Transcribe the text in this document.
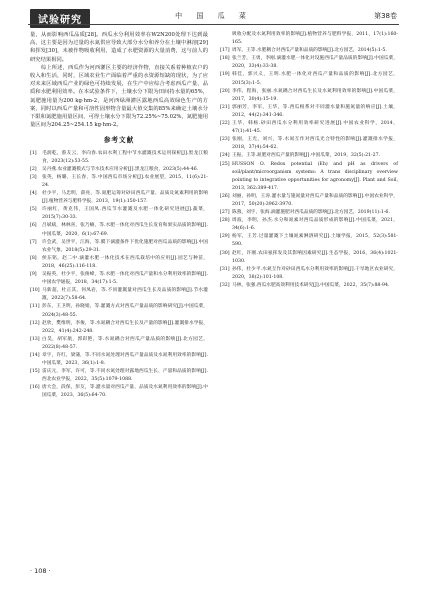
试验研究	中 国 瓜 菜	第38卷

量，从而影响西瓜品质[28]。西瓜水分利用效率在W2N200处理下达到最高，这主要是因为过量的水氮供应导致大部分水分和养分在土壤中淋溶[29]和挥发[30]，未被作物吸收利用，造成了水肥资源的大量消费，这与前人的研究结果相同。

综上所述，西瓜作为河西灌区主要的经济作物，直接关系着种植农户的收入和生活，同时，区域农业生产面临着严重的水资源短缺的现状，为了应对未来区域西瓜产业的绿色可持续发展，在生产中应综合考虑西瓜产量、品质和水肥利用效率。在本试验条件下，土壤水分下限为田间持水量的65%，氮肥施用量为200 kg·hm-2，是河西绿洲灌区露地西瓜高效绿色生产的方案，同时以西瓜产量和可溶性固形物含量最大值交集的85%来确定土壤水分下限和氮肥施用量区间，可得土壤水分下限为72.25%~75.02%，氮肥施用量区间为204.25~254.15 kg·hm-2。

参考文献
[1]	毛润乾，蔡友云，李向春.农田水利工程中节水灌溉技术运用探析[J].黑龙江粮食，2023(12):53-55.
[2]	吴丹燕.农业灌溉模式与节水技术应用分析[J].黑龙江粮食，2023(5):44-46.
[3]	张英，杨璐，王长春，等.中国西瓜市场分析[J].农业展望，2015，11(6):21-24.
[4]	杜少平，马忠明，薛亮，等.氮肥运筹对砂田西瓜产量、品质及氮素利用的影响[J].植物营养与肥料学报，2013，19(1):150-157.
[5]	许丽红，黄克伟，王国凤.西瓜节水灌溉及水肥一体化研究进展[J].蔬菜，2015(7):30-33.
[6]	吕斌斌，林林喜，张乃楠，等.水肥一体化对西瓜生长发育和果实品质的影响[J].中国瓜菜，2020，6(1):67-69.
[7]	许会武，吴世平，江海，等.膜下滴灌条件下优化施肥对西瓜品质的影响[J].中国农业气象，2018(5):29-31.
[8]	侯东铭，赵二中.滴灌水肥一体化技术在西瓜栽培中的应用[J].园艺与种苗，2018，46(25):116-118.
[9]	吴振英，杜少平，张俊峰，等.水肥一体化对西瓜产量和水分利用效率的影响[J].中国农学通报，2018，34(17):1-5.
[10] 马新超，杜正其，何凤岩，等.不同灌溉量对西瓜生长及品质的影响[J].节水灌溉，2022(7):58-64.
[11] 彭东，王卫明，孙晓娟，等.灌溉方式对西瓜产量品质的影响研究[J].中国瓜菜，2024(3):48-55.
[12] 赵欣，樊维明，李俊，等.水氮耦合对西瓜生长及产量的影响[J].灌溉排水学报，2022，41(4):242-248.
[13] 白昊，胡军航，郭彩艳，等.水氮耦合对西瓜产量品质的影响[J].北方园艺，2022(8):48-57.
[14] 章宇，许红，梁蒲，等.不同水氮处理对西瓜产量品质及水氮利用效率的影响[J].中国瓜菜，2023，36(1):1-8.
[15] 雷庆元，李军，许可，等.不同水氮处理对露地西瓜生长、产量和品质的影响[J].西北农业学报，2022，35(5):1079-1088.
[16] 唐大会，段保，彭友，等.灌水量对西瓜产量、品质及水氮利用效率的影响[J].中国瓜菜，2023，36(5):64-70.
吸收分配及水氮利用效率的影响[J].植物营养与肥料学报，2011，17(1):160-165.
[17] 周军，王等.水肥耦合对西瓜产量和品质的影响[J].北方园艺，2014(5):1-5.
[18] 张兰芳，王勇，李刚.滴灌水肥一体化对设施西瓜产量品质的影响[J].中国瓜菜，2020，33(4):33-38.
[19] 韩佳，郭兴义，王明.水肥一体化对西瓜产量和品质的影响[J].北方园艺，2015(3):1-5.
[20] 李伟，程海，张丽.水氮耦合对西瓜生长及水氮利用效率的影响[J].中国瓜菜，2017，30(4):15-19.
[21] 郭丽芳，李军，王华，等.西瓜根系对不同灌水量和施氮量的响应[J].土壤，2012，44(2):341-346.
[22] 王华，韩杨.砂田西瓜水分利用效率研究进展[J].中国农业科学，2014，47(1):41-45.
[23] 张刚，王光，刘兴，等.水氮互作对西瓜光合特性的影响[J].灌溉排水学报，2018，37(4):54-62.
[24] 王振，王等.氮肥对西瓜产量的影响[J].中国瓜菜，2019，32(5):21-27.
[25] HUSSON O. Redox potential (Eh) and pH as drivers of soil/plant/microorganism systems: A trans disciplinary overview pointing to integrative opportunities for agronomy[J]. Plant and Soil, 2013, 362:389-417.
[26] 刘丽，孙明，王涛.灌水量与施氮量对西瓜产量和品质的影响[J].中国农业科学，2017，50(20):3962-3970.
[27] 陈燕，刘宇，张海.滴灌施肥对西瓜品质的影响[J].北方园艺，2019(11):1-6.
[28] 周波，李明，孙杰.水分和氮素对西瓜品质形成的影响[J].中国瓜菜，2021，34(6):1-6.
[29] 杨军，王芳.过量灌溉下土壤氮素淋溶研究[J].土壤学报，2015，52(3):581-590.
[30] 赵红，许刚.农田氨挥发及其影响因素研究[J].生态学报，2016，36(4):1021-1030.
[31] 孙伟，杜少平.水氮互作对砂田西瓜水分利用效率的影响[J].干旱地区农业研究，2020，38(2):101-108.
[32] 马林，张强.西瓜水肥高效利用技术研究[J].中国瓜菜，2022，35(7):88-94.
· 108 ·
